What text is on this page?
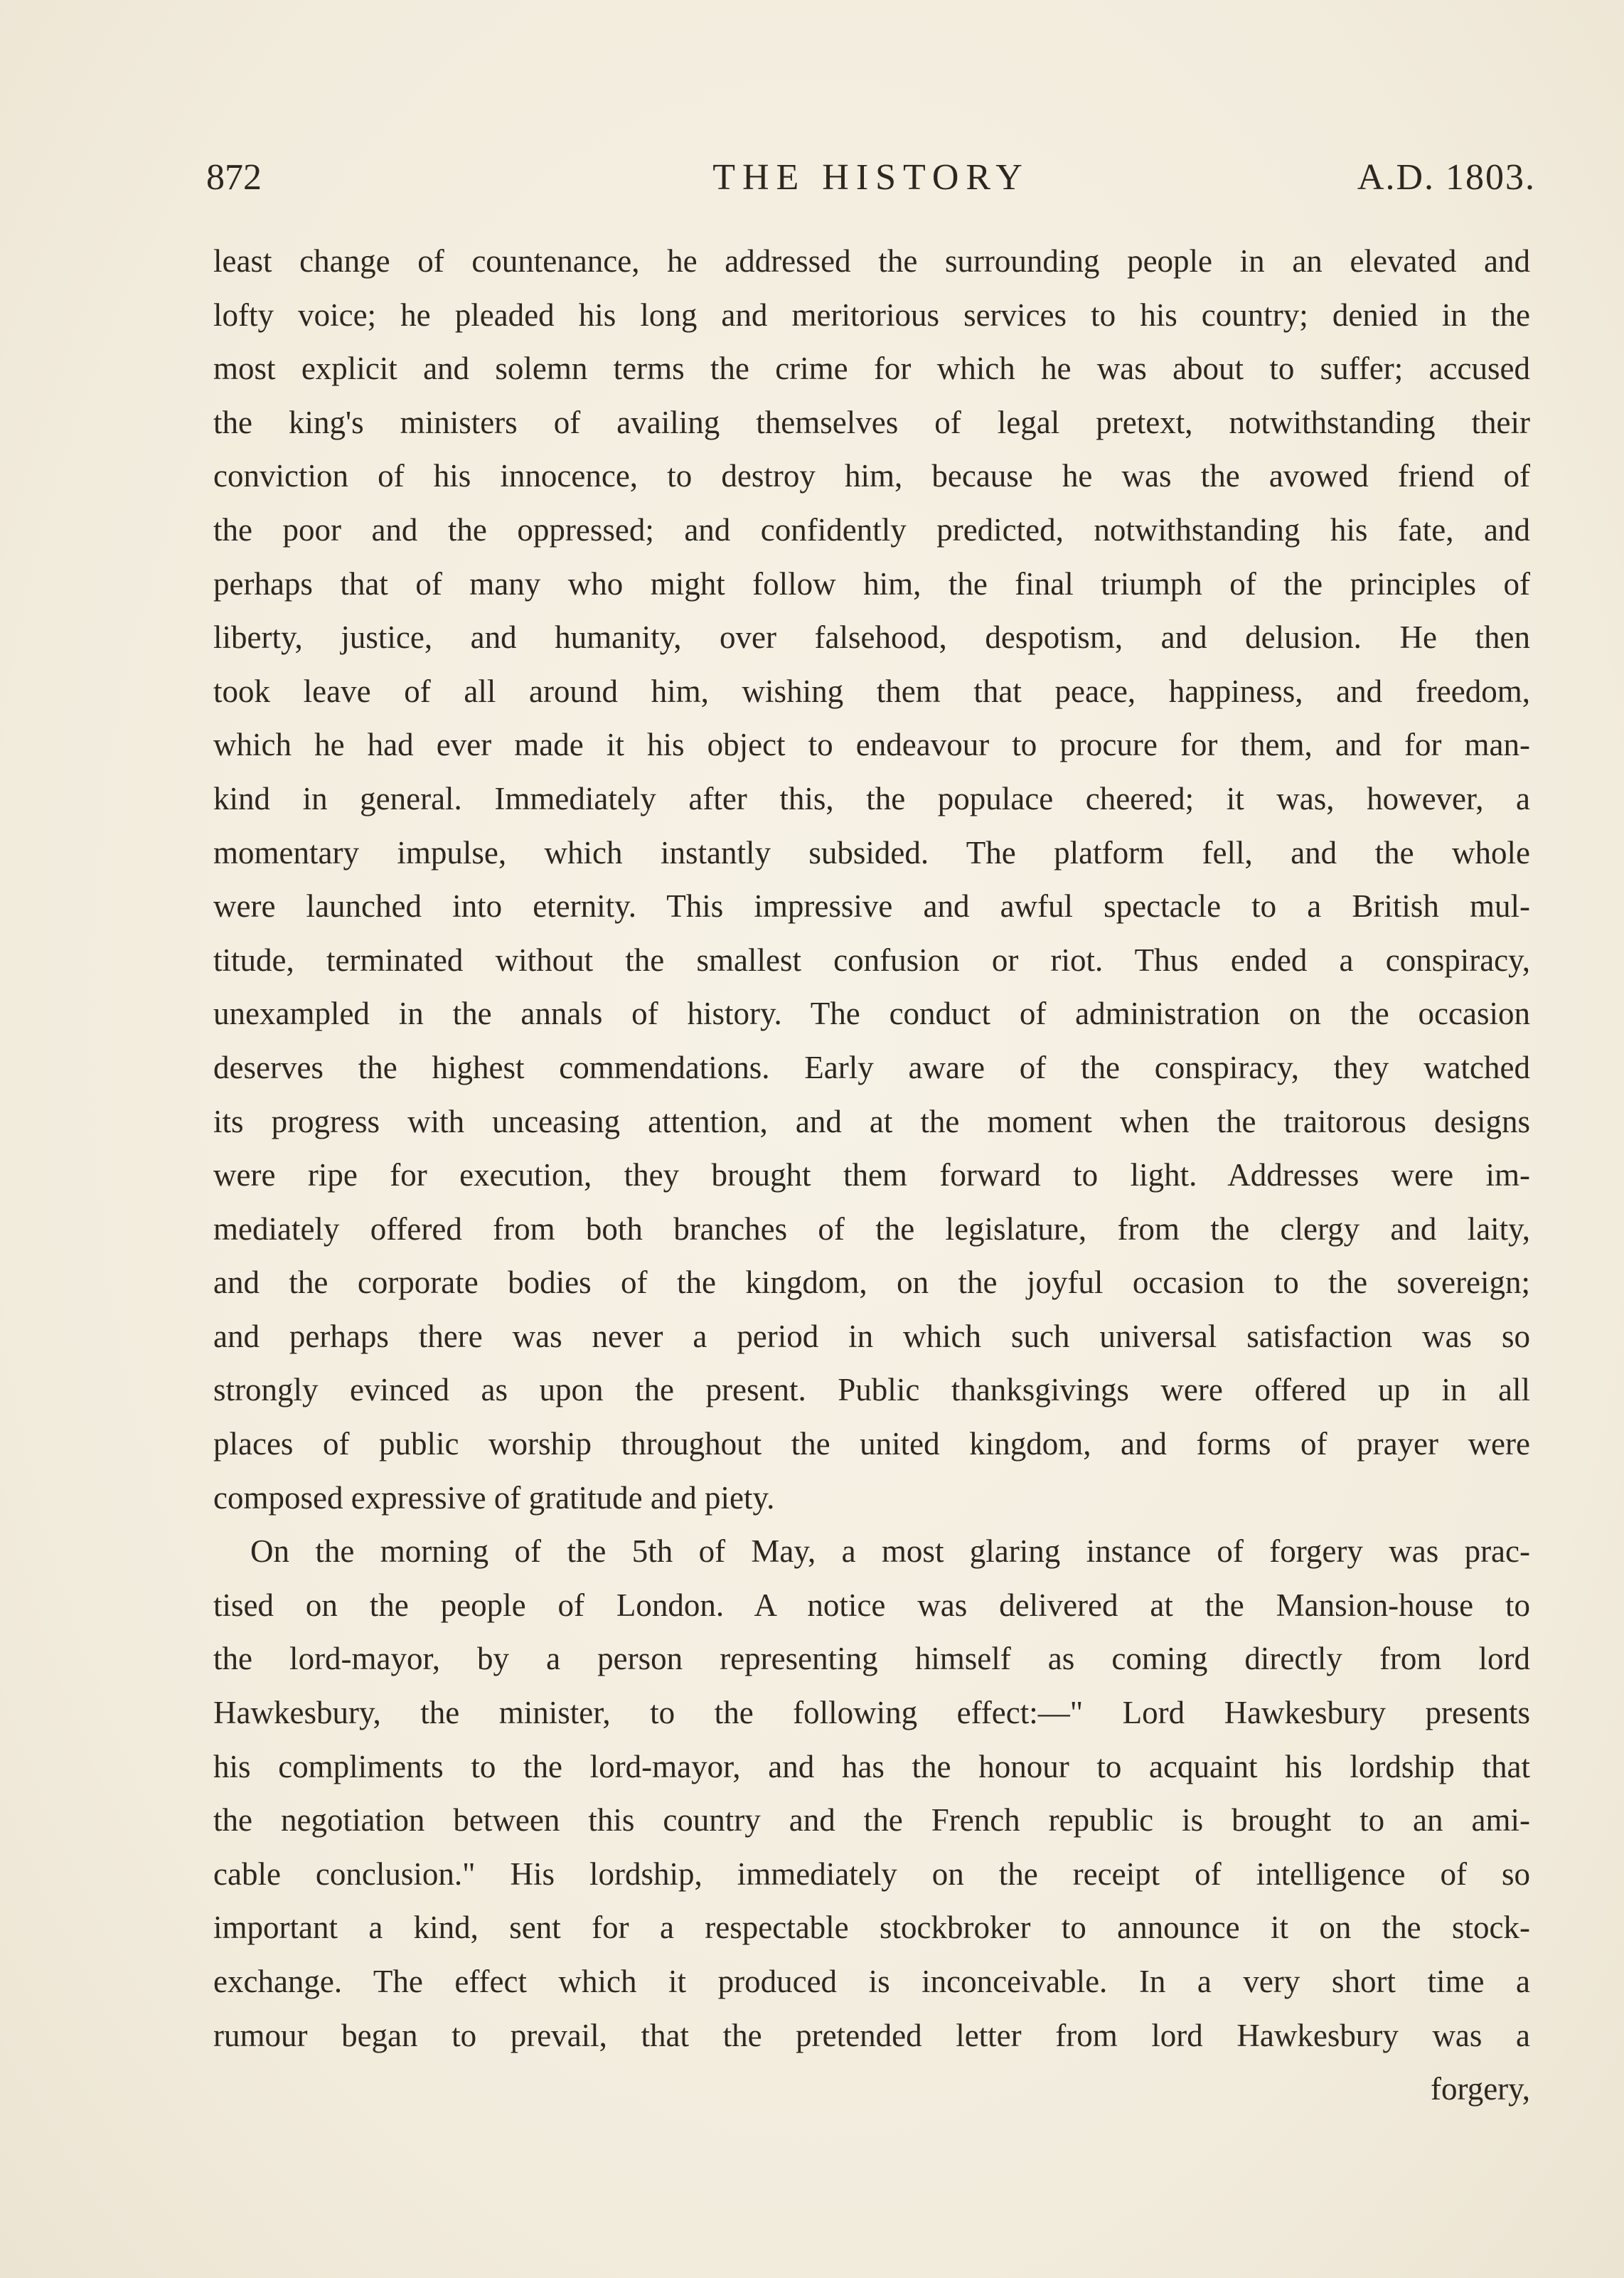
872	THE HISTORY	A.D. 1803.

least change of countenance, he addressed the surrounding people in an elevated and
lofty voice; he pleaded his long and meritorious services to his country; denied in the
most explicit and solemn terms the crime for which he was about to suffer; accused
the king's ministers of availing themselves of legal pretext, notwithstanding their
conviction of his innocence, to destroy him, because he was the avowed friend of
the poor and the oppressed; and confidently predicted, notwithstanding his fate, and
perhaps that of many who might follow him, the final triumph of the principles of
liberty, justice, and humanity, over falsehood, despotism, and delusion. He then
took leave of all around him, wishing them that peace, happiness, and freedom,
which he had ever made it his object to endeavour to procure for them, and for man-
kind in general. Immediately after this, the populace cheered; it was, however, a
momentary impulse, which instantly subsided. The platform fell, and the whole
were launched into eternity. This impressive and awful spectacle to a British mul-
titude, terminated without the smallest confusion or riot. Thus ended a conspiracy,
unexampled in the annals of history. The conduct of administration on the occasion
deserves the highest commendations. Early aware of the conspiracy, they watched
its progress with unceasing attention, and at the moment when the traitorous designs
were ripe for execution, they brought them forward to light. Addresses were im-
mediately offered from both branches of the legislature, from the clergy and laity,
and the corporate bodies of the kingdom, on the joyful occasion to the sovereign;
and perhaps there was never a period in which such universal satisfaction was so
strongly evinced as upon the present. Public thanksgivings were offered up in all
places of public worship throughout the united kingdom, and forms of prayer were
composed expressive of gratitude and piety.

On the morning of the 5th of May, a most glaring instance of forgery was prac-
tised on the people of London. A notice was delivered at the Mansion-house to
the lord-mayor, by a person representing himself as coming directly from lord
Hawkesbury, the minister, to the following effect:—" Lord Hawkesbury presents
his compliments to the lord-mayor, and has the honour to acquaint his lordship that
the negotiation between this country and the French republic is brought to an ami-
cable conclusion." His lordship, immediately on the receipt of intelligence of so
important a kind, sent for a respectable stockbroker to announce it on the stock-
exchange. The effect which it produced is inconceivable. In a very short time a
rumour began to prevail, that the pretended letter from lord Hawkesbury was a

forgery,
